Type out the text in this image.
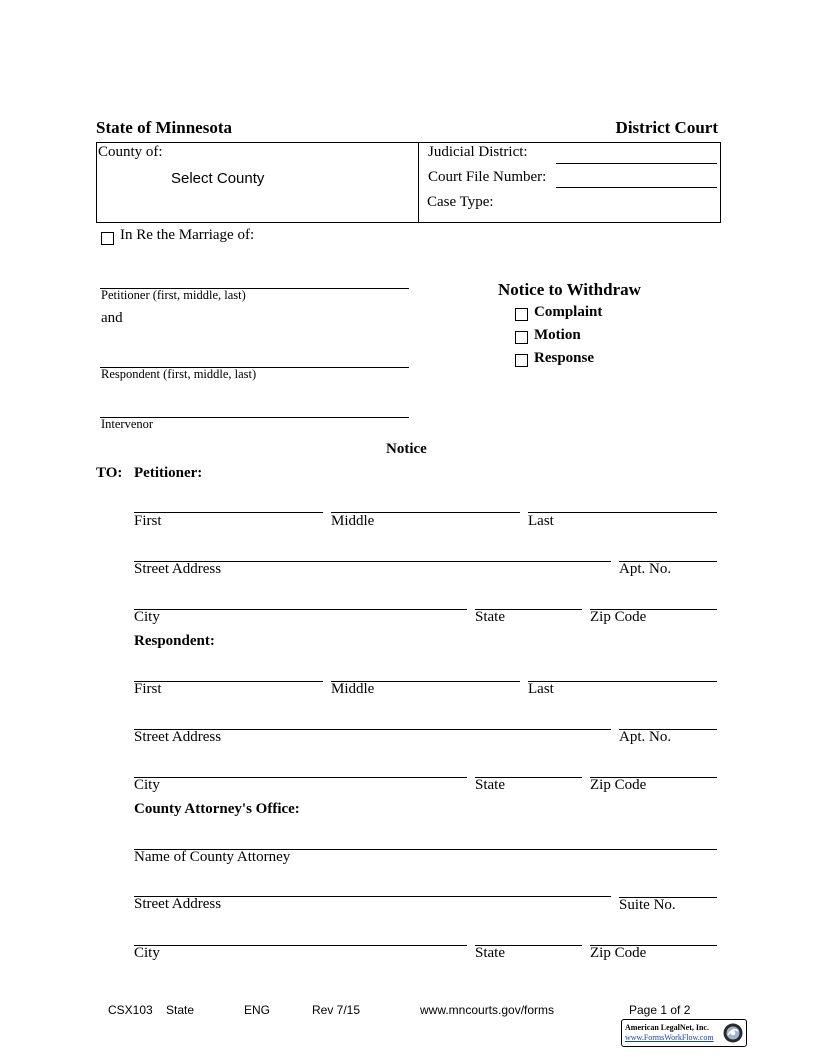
State of Minnesota	District Court
County of:
Select County
Judicial District:
Court File Number:
Case Type:
In Re the Marriage of:
Petitioner (first, middle, last)
and
Respondent (first, middle, last)
Intervenor
Notice to Withdraw
Complaint
Motion
Response
Notice
TO: Petitioner:
First	Middle	Last
Street Address	Apt. No.
City	State	Zip Code
Respondent:
First	Middle	Last
Street Address	Apt. No.
City	State	Zip Code
County Attorney's Office:
Name of County Attorney
Street Address	Suite No.
City	State	Zip Code
CSX103 State	ENG	Rev 7/15	www.mncourts.gov/forms	Page 1 of 2
American LegalNet, Inc.
www.FormsWorkFlow.com
